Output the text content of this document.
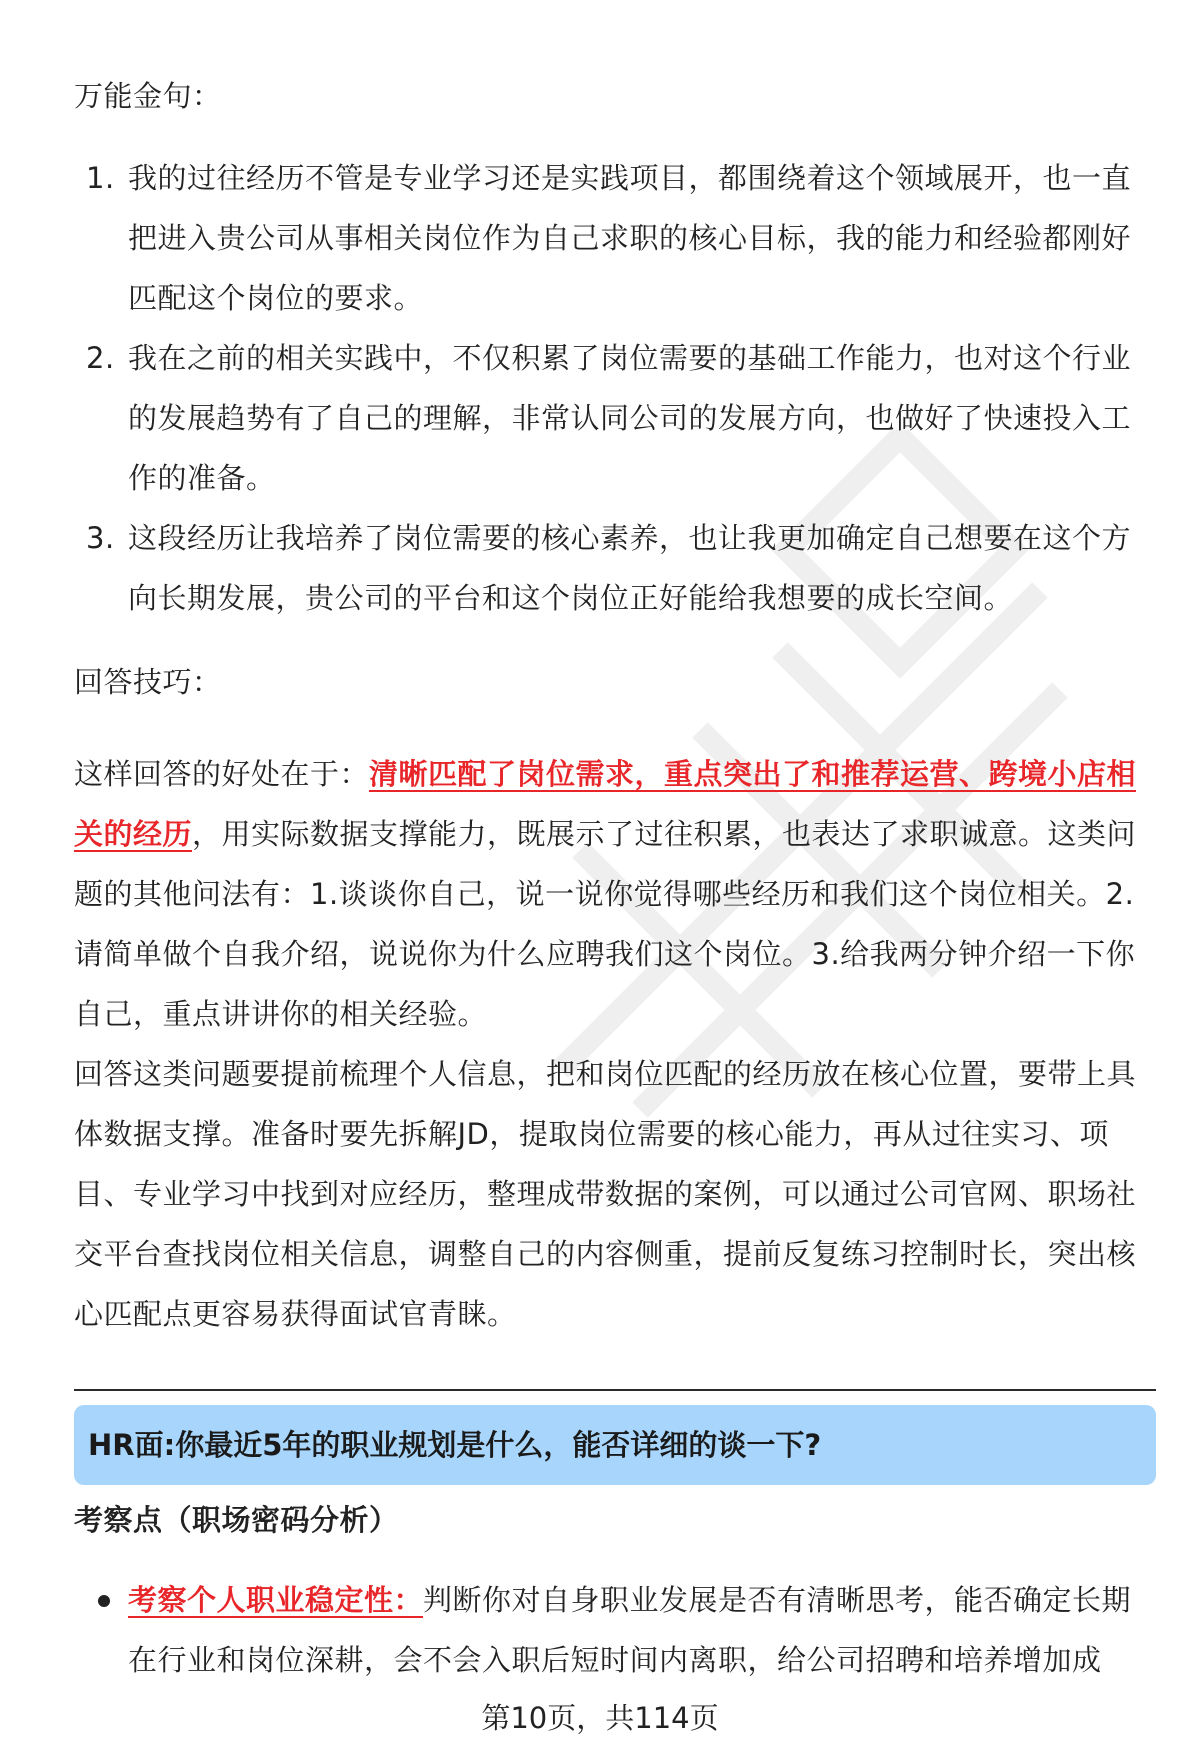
万能金句：
1. 我的过往经历不管是专业学习还是实践项目，都围绕着这个领域展开，也一直把进入贵公司从事相关岗位作为自己求职的核心目标，我的能力和经验都刚好匹配这个岗位的要求。
2. 我在之前的相关实践中，不仅积累了岗位需要的基础工作能力，也对这个行业的发展趋势有了自己的理解，非常认同公司的发展方向，也做好了快速投入工作的准备。
3. 这段经历让我培养了岗位需要的核心素养，也让我更加确定自己想要在这个方向长期发展，贵公司的平台和这个岗位正好能给我想要的成长空间。
回答技巧：
这样回答的好处在于：清晰匹配了岗位需求，重点突出了和推荐运营、跨境小店相关的经历，用实际数据支撑能力，既展示了过往积累，也表达了求职诚意。这类问题的其他问法有：1.谈谈你自己，说一说你觉得哪些经历和我们这个岗位相关。2.请简单做个自我介绍，说说你为什么应聘我们这个岗位。3.给我两分钟介绍一下你自己，重点讲讲你的相关经验。
回答这类问题要提前梳理个人信息，把和岗位匹配的经历放在核心位置，要带上具体数据支撑。准备时要先拆解JD，提取岗位需要的核心能力，再从过往实习、项目、专业学习中找到对应经历，整理成带数据的案例，可以通过公司官网、职场社交平台查找岗位相关信息，调整自己的内容侧重，提前反复练习控制时长，突出核心匹配点更容易获得面试官青睐。
HR面:你最近5年的职业规划是什么，能否详细的谈一下?
考察点（职场密码分析）
考察个人职业稳定性：判断你对自身职业发展是否有清晰思考，能否确定长期在行业和岗位深耕，会不会入职后短时间内离职，给公司招聘和培养增加成
第10页，共114页
